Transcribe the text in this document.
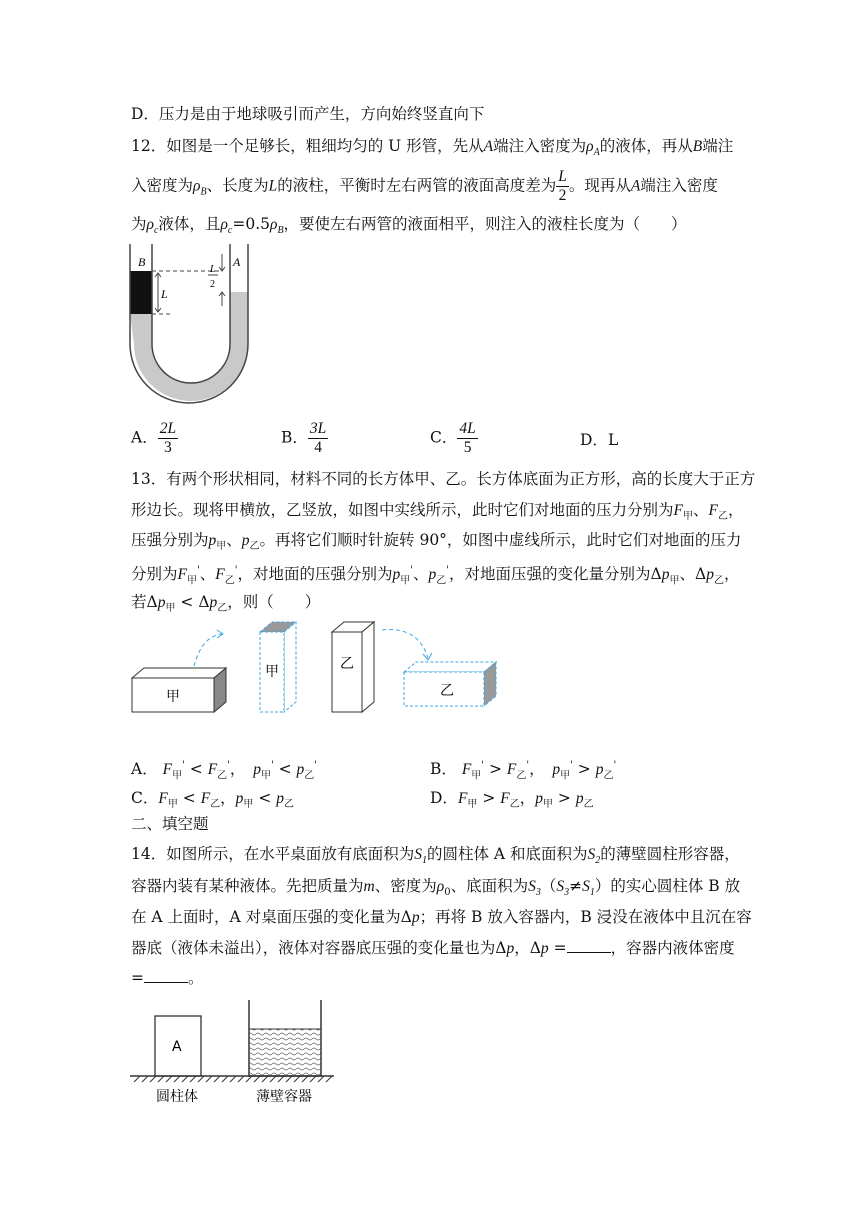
D．压力是由于地球吸引而产生，方向始终竖直向下
12．如图是一个足够长，粗细均匀的 U 形管，先从A端注入密度为$\rho_A$的液体，再从B端注
入密度为$\rho_B$、长度为L的液柱，平衡时左右两管的液面高度差为 $\frac{L}{2}$ 。现再从A端注入密度
为$\rho_c$液体，且$\rho_c=0.5\rho_B$，要使左右两管的液面相平，则注入的液柱长度为（　　）
B	A
L
L
2
A． $\frac{2L}{3}$	B． $\frac{3L}{4}$	C． $\frac{4L}{5}$	D．L
13．有两个形状相同，材料不同的长方体甲、乙。长方体底面为正方形，高的长度大于正方
形边长。现将甲横放，乙竖放，如图中实线所示，此时它们对地面的压力分别为$F_甲$、$F_乙$，
压强分别为$p_甲$、$p_乙$。再将它们顺时针旋转 90°，如图中虚线所示，此时它们对地面的压力
分别为$F_甲'$、$F_乙'$，对地面的压强分别为$p_甲'$、$p_乙'$，对地面压强的变化量分别为$\Delta p_甲$、$\Delta p_乙$，
若$\Delta p_甲 < \Delta p_乙$，则（　　）
甲
甲	乙
乙
A． $F_甲' < F_乙'$，　$p_甲' < p_乙'$	B． $F_甲' > F_乙'$，　$p_甲' > p_乙'$
C．$F_甲 < F_乙$，$p_甲 < p_乙$	D．$F_甲 > F_乙$，$p_甲 > p_乙$
二、填空题
14．如图所示，在水平桌面放有底面积为$S_1$的圆柱体 A 和底面积为$S_2$的薄壁圆柱形容器，
容器内装有某种液体。先把质量为m、密度为$\rho_0$、底面积为$S_3(S_3\ne S_1)$的实心圆柱体 B 放
在 A 上面时，A 对桌面压强的变化量为Δp；再将 B 放入容器内，B 浸没在液体中且沉在容
器底（液体未溢出），液体对容器底压强的变化量也为Δp，Δp =	，容器内液体密度
=	。
A
圆柱体	薄壁容器
